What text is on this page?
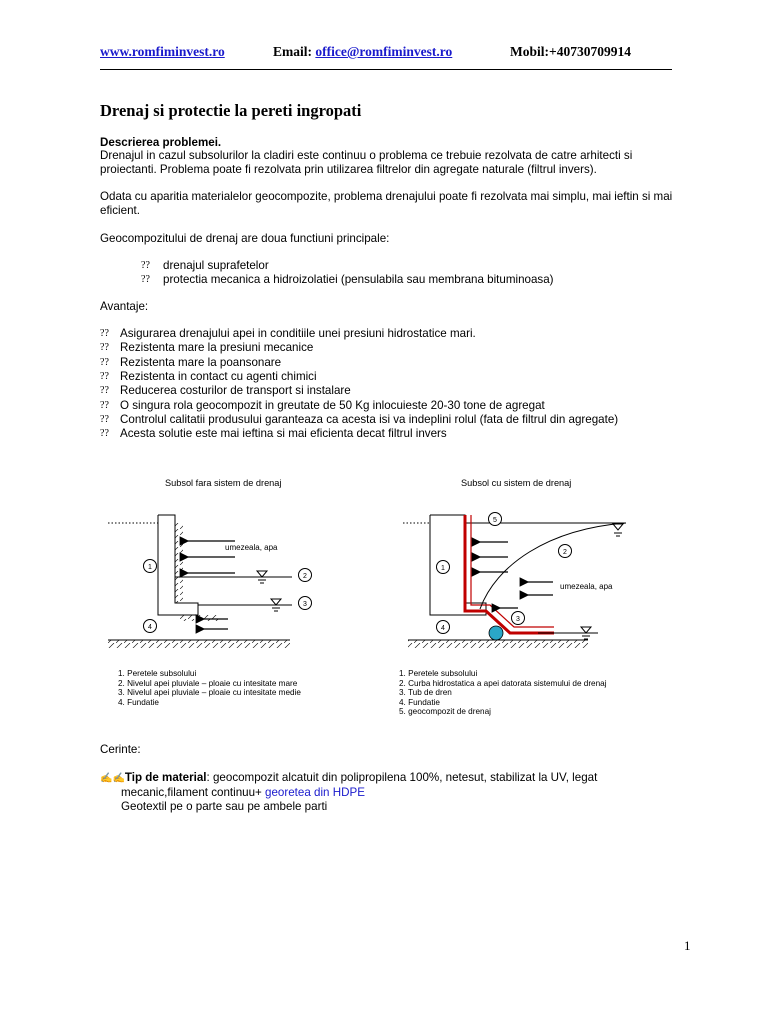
www.romfiminvest.ro	Email: office@romfiminvest.ro	Mobil:+40730709914
Drenaj si protectie la pereti ingropati
Descrierea problemei.
Drenajul in cazul subsolurilor la cladiri este continuu o problema ce trebuie rezolvata de catre arhitecti si proiectanti. Problema poate fi rezolvata prin utilizarea filtrelor din agregate naturale (filtrul invers).
Odata cu aparitia materialelor geocompozite, problema drenajului poate fi rezolvata mai simplu, mai ieftin si mai eficient.
Geocompozitului de drenaj are doua functiuni principale:
?? drenajul suprafetelor
?? protectia mecanica a hidroizolatiei (pensulabila sau membrana bituminoasa)
Avantaje:
?? Asigurarea drenajului apei in conditiile unei presiuni hidrostatice mari.
?? Rezistenta mare la presiuni mecanice
?? Rezistenta mare la poansonare
?? Rezistenta in contact cu agenti chimici
?? Reducerea costurilor de transport si instalare
?? O singura rola geocompozit in greutate de 50 Kg inlocuieste 20-30 tone de agregat
?? Controlul calitatii produsului garanteaza ca acesta isi va indeplini rolul (fata de filtrul din agregate)
?? Acesta solutie este mai ieftina si mai eficienta decat filtrul invers
Subsol fara sistem de drenaj	Subsol cu sistem de drenaj
umezeala, apa
1
2
3
4
umezeala, apa
1
2
3
4
5
1. Peretele subsolului
2. Nivelul apei pluviale – ploaie cu intesitate mare
3. Nivelul apei pluviale – ploaie cu intesitate medie
4. Fundatie
1. Peretele subsolului
2. Curba hidrostatica a apei datorata sistemului de drenaj
3. Tub de dren
4. Fundatie
5. geocompozit de drenaj
Cerinte:
✍✍Tip de material: geocompozit alcatuit din polipropilena 100%, netesut, stabilizat la UV, legat
mecanic,filament continuu+ georetea din HDPE
Geotextil pe o parte sau pe ambele parti
1
